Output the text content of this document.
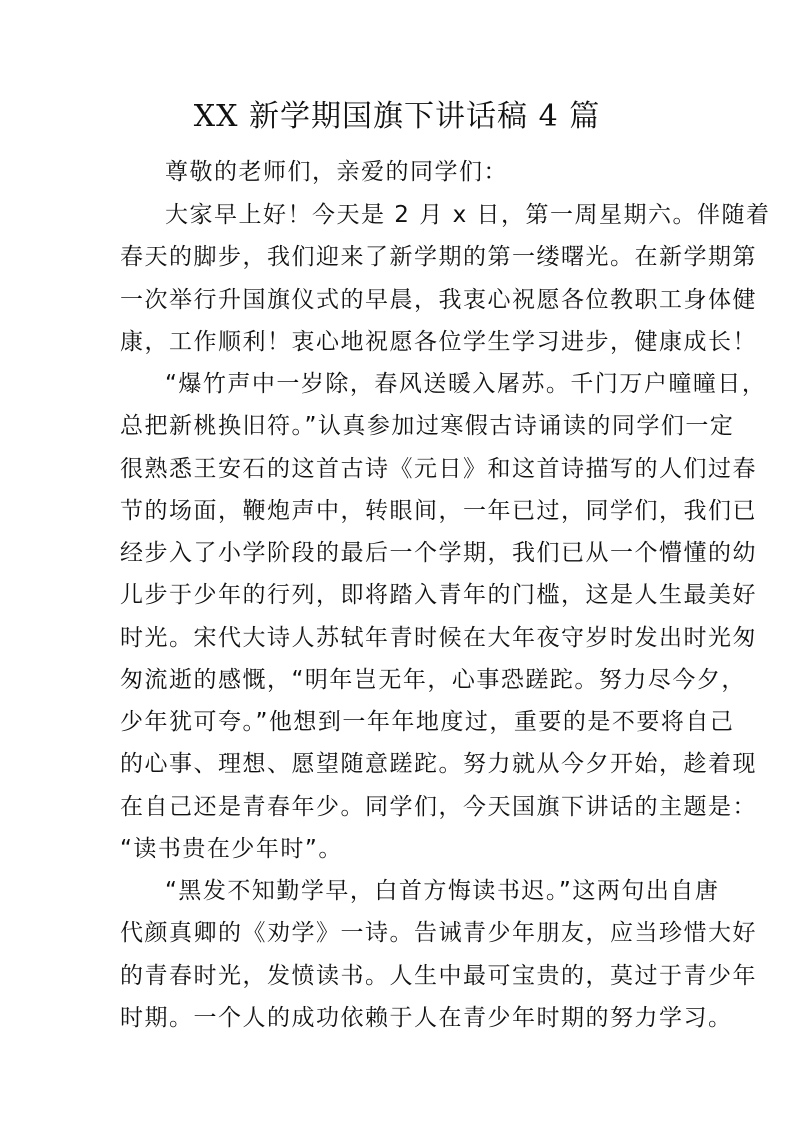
XX 新学期国旗下讲话稿 4 篇
尊敬的老师们，亲爱的同学们：
大家早上好！今天是 2 月 x 日，第一周星期六。伴随着
春天的脚步，我们迎来了新学期的第一缕曙光。在新学期第
一次举行升国旗仪式的早晨，我衷心祝愿各位教职工身体健
康，工作顺利！衷心地祝愿各位学生学习进步，健康成长！
“爆竹声中一岁除，春风送暖入屠苏。千门万户曈曈日，
总把新桃换旧符。”认真参加过寒假古诗诵读的同学们一定
很熟悉王安石的这首古诗《元日》和这首诗描写的人们过春
节的场面，鞭炮声中，转眼间，一年已过，同学们，我们已
经步入了小学阶段的最后一个学期，我们已从一个懵懂的幼
儿步于少年的行列，即将踏入青年的门槛，这是人生最美好
时光。宋代大诗人苏轼年青时候在大年夜守岁时发出时光匆
匆流逝的感慨，“明年岂无年，心事恐蹉跎。努力尽今夕，
少年犹可夸。”他想到一年年地度过，重要的是不要将自己
的心事、理想、愿望随意蹉跎。努力就从今夕开始，趁着现
在自己还是青春年少。同学们，今天国旗下讲话的主题是：
“读书贵在少年时”。
“黑发不知勤学早，白首方悔读书迟。”这两句出自唐
代颜真卿的《劝学》一诗。告诫青少年朋友，应当珍惜大好
的青春时光，发愤读书。人生中最可宝贵的，莫过于青少年
时期。一个人的成功依赖于人在青少年时期的努力学习。
